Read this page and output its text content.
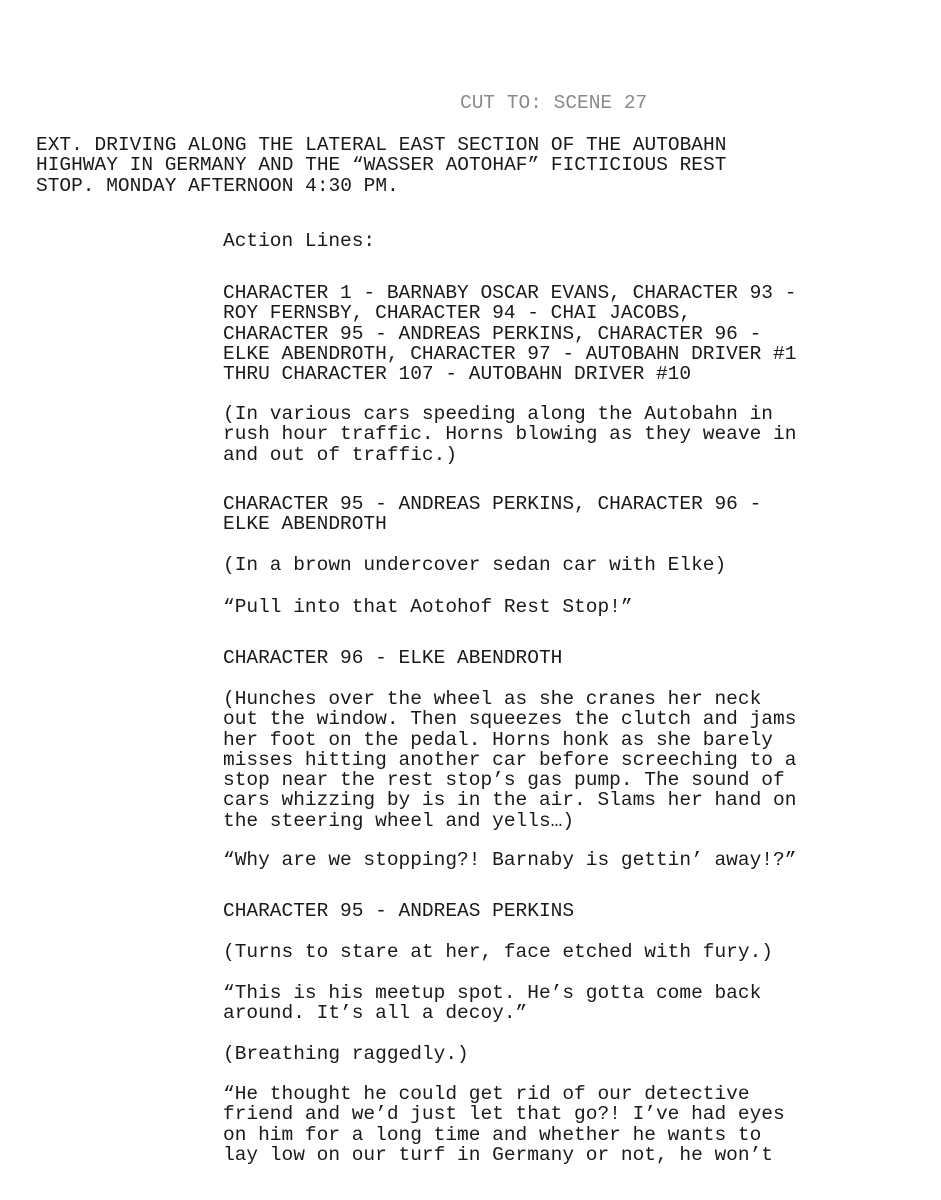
CUT TO: SCENE 27
EXT. DRIVING ALONG THE LATERAL EAST SECTION OF THE AUTOBAHN
HIGHWAY IN GERMANY AND THE “WASSER AOTOHAF” FICTICIOUS REST
STOP. MONDAY AFTERNOON 4:30 PM.
Action Lines:
CHARACTER 1 - BARNABY OSCAR EVANS, CHARACTER 93 -
ROY FERNSBY, CHARACTER 94 - CHAI JACOBS,
CHARACTER 95 - ANDREAS PERKINS, CHARACTER 96 -
ELKE ABENDROTH, CHARACTER 97 - AUTOBAHN DRIVER #1
THRU CHARACTER 107 - AUTOBAHN DRIVER #10
(In various cars speeding along the Autobahn in
rush hour traffic. Horns blowing as they weave in
and out of traffic.)
CHARACTER 95 - ANDREAS PERKINS, CHARACTER 96 -
ELKE ABENDROTH
(In a brown undercover sedan car with Elke)
“Pull into that Aotohof Rest Stop!”
CHARACTER 96 - ELKE ABENDROTH
(Hunches over the wheel as she cranes her neck
out the window. Then squeezes the clutch and jams
her foot on the pedal. Horns honk as she barely
misses hitting another car before screeching to a
stop near the rest stop’s gas pump. The sound of
cars whizzing by is in the air. Slams her hand on
the steering wheel and yells…)
“Why are we stopping?! Barnaby is gettin’ away!?”
CHARACTER 95 - ANDREAS PERKINS
(Turns to stare at her, face etched with fury.)
“This is his meetup spot. He’s gotta come back
around. It’s all a decoy.”
(Breathing raggedly.)
“He thought he could get rid of our detective
friend and we’d just let that go?! I’ve had eyes
on him for a long time and whether he wants to
lay low on our turf in Germany or not, he won’t
